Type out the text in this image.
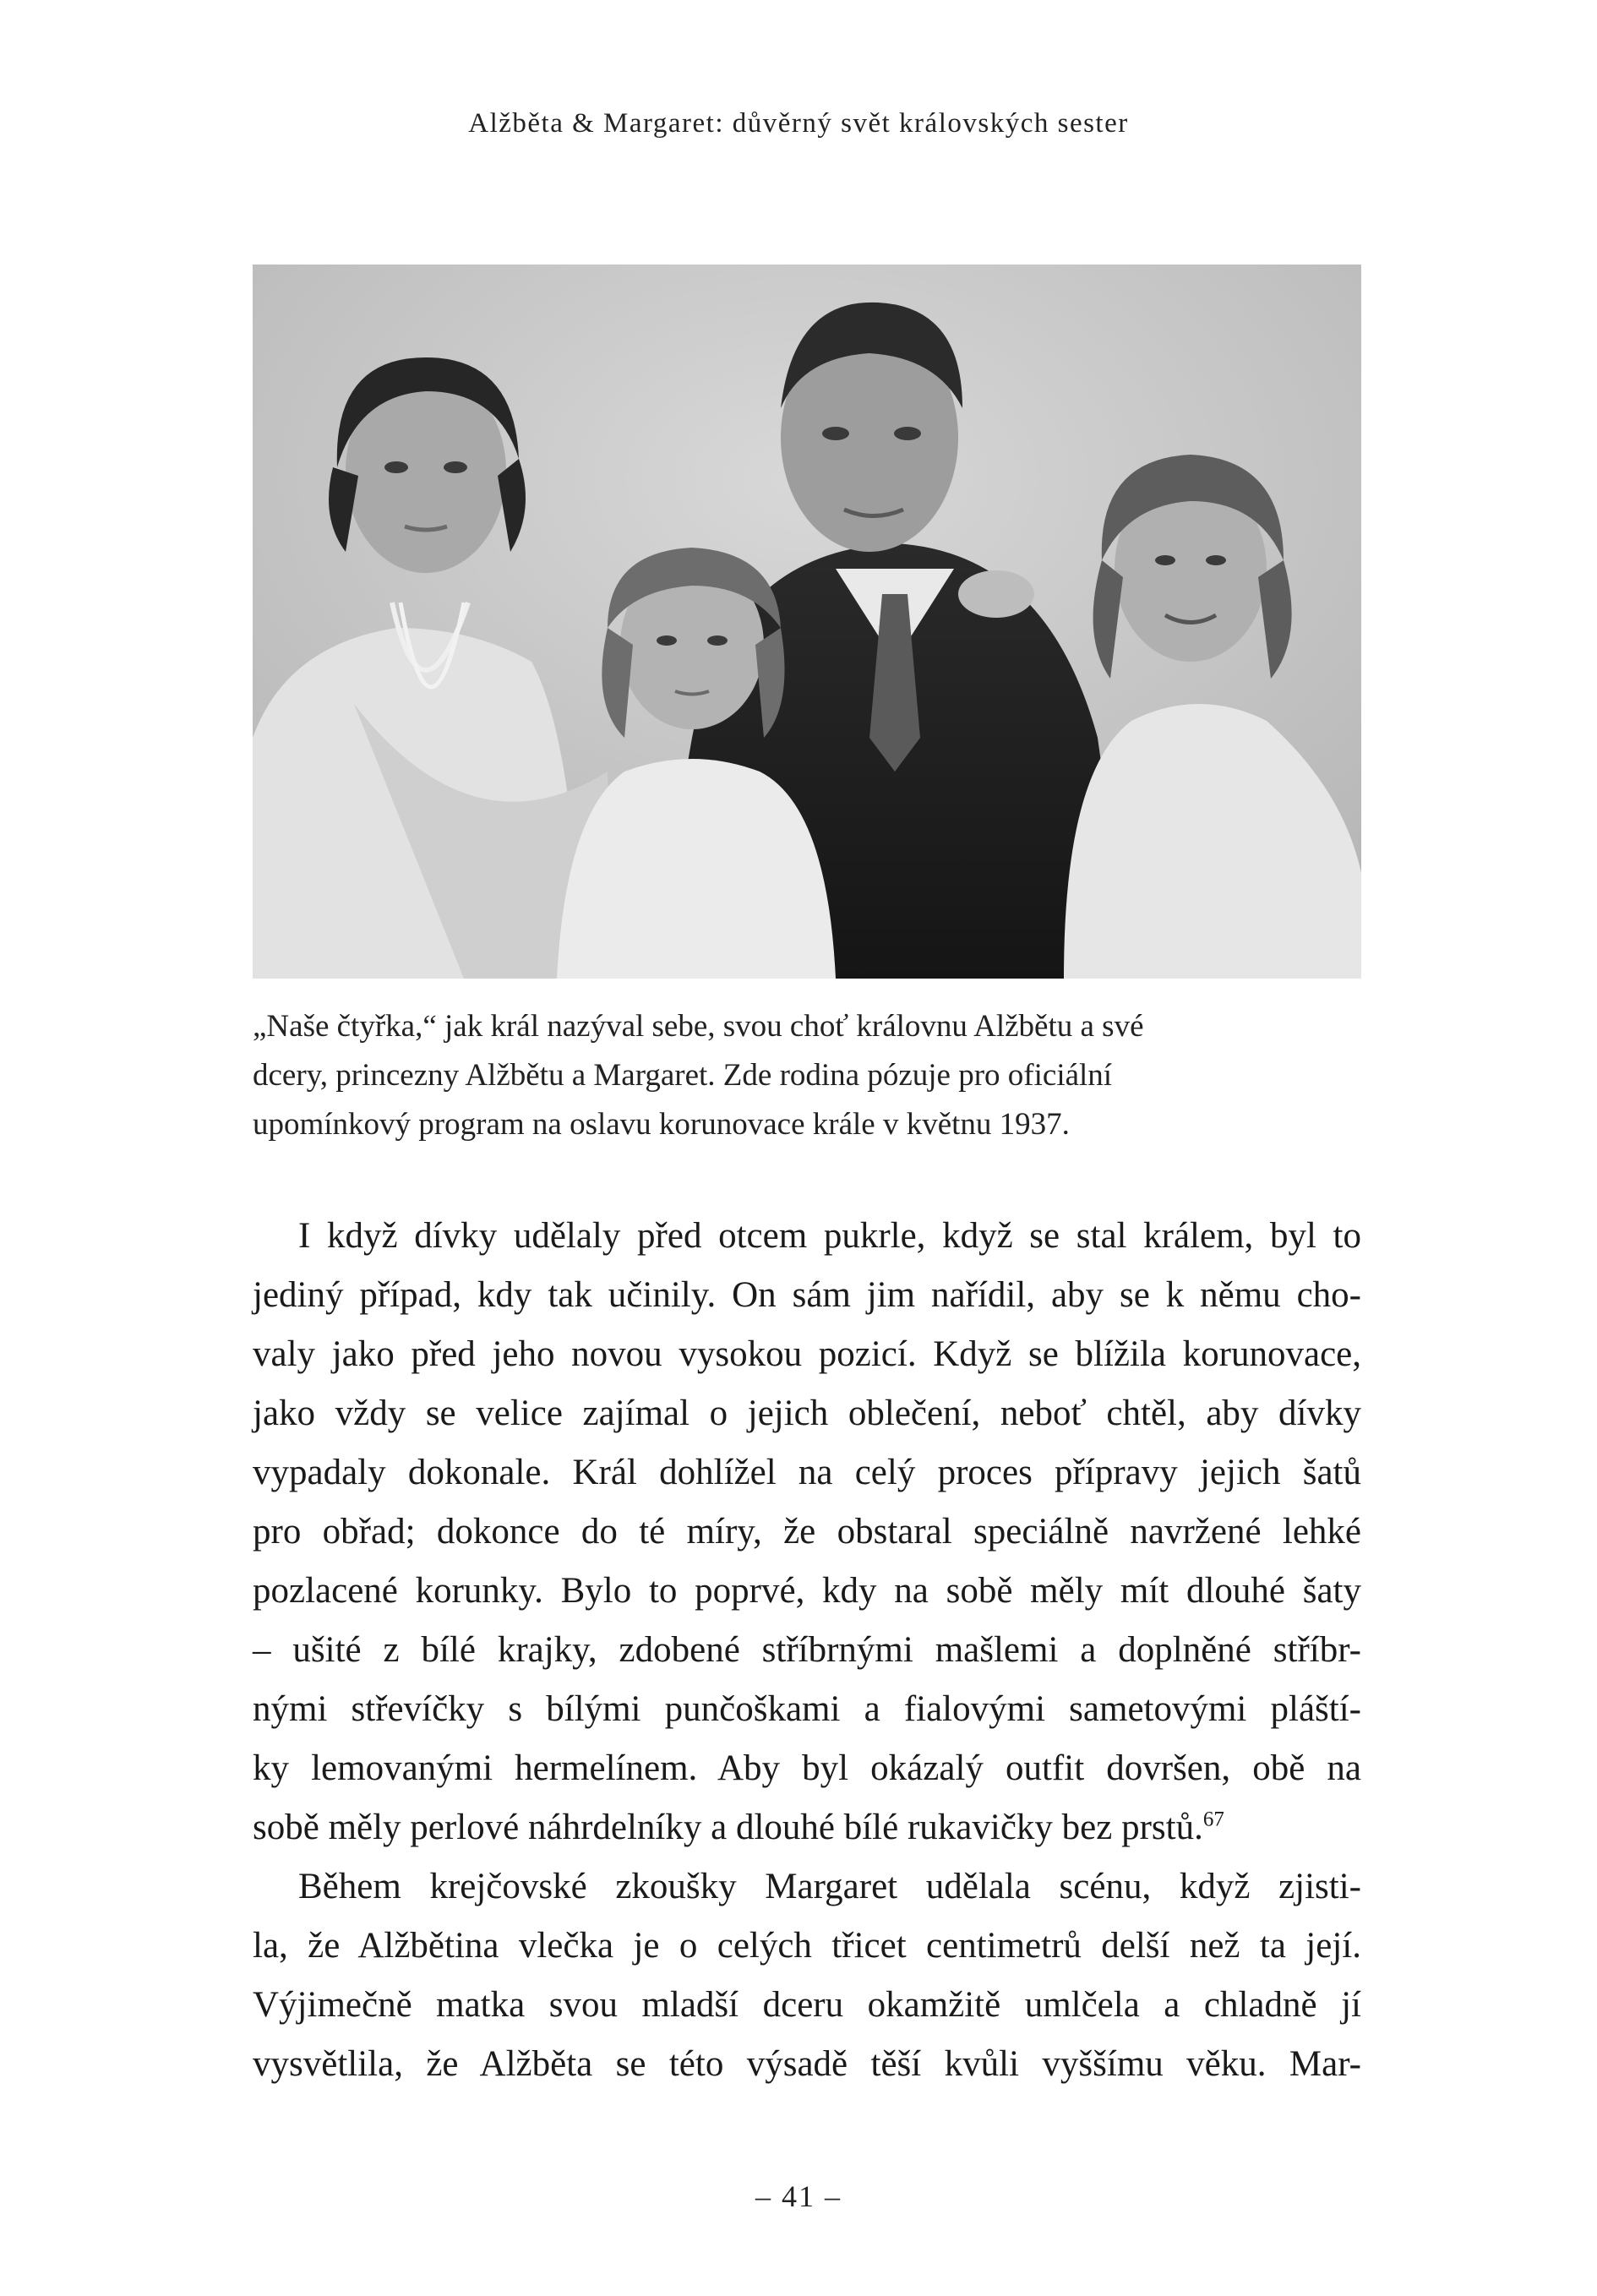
Alžběta & Margaret: důvěrný svět královských sester

„Naše čtyřka,“ jak král nazýval sebe, svou choť královnu Alžbětu a své

dcery, princezny Alžbětu a Margaret. Zde rodina pózuje pro oficiální

upomínkový program na oslavu korunovace krále v květnu 1937.

I když dívky udělaly před otcem pukrle, když se stal králem, byl to

jediný případ, kdy tak učinily. On sám jim nařídil, aby se k němu cho-

valy jako před jeho novou vysokou pozicí. Když se blížila korunovace,

jako vždy se velice zajímal o jejich oblečení, neboť chtěl, aby dívky

vypadaly dokonale. Král dohlížel na celý proces přípravy jejich šatů

pro obřad; dokonce do té míry, že obstaral speciálně navržené lehké

pozlacené korunky. Bylo to poprvé, kdy na sobě měly mít dlouhé šaty

– ušité z bílé krajky, zdobené stříbrnými mašlemi a doplněné stříbr-

nými střevíčky s bílými punčoškami a fialovými sametovými pláští-

ky lemovanými hermelínem. Aby byl okázalý outfit dovršen, obě na

sobě měly perlové náhrdelníky a dlouhé bílé rukavičky bez prstů.$^{67}$

Během krejčovské zkoušky Margaret udělala scénu, když zjisti-

la, že Alžbětina vlečka je o celých třicet centimetrů delší než ta její.

Výjimečně matka svou mladší dceru okamžitě umlčela a chladně jí

vysvětlila, že Alžběta se této výsadě těší kvůli vyššímu věku. Mar-

– 41 –
